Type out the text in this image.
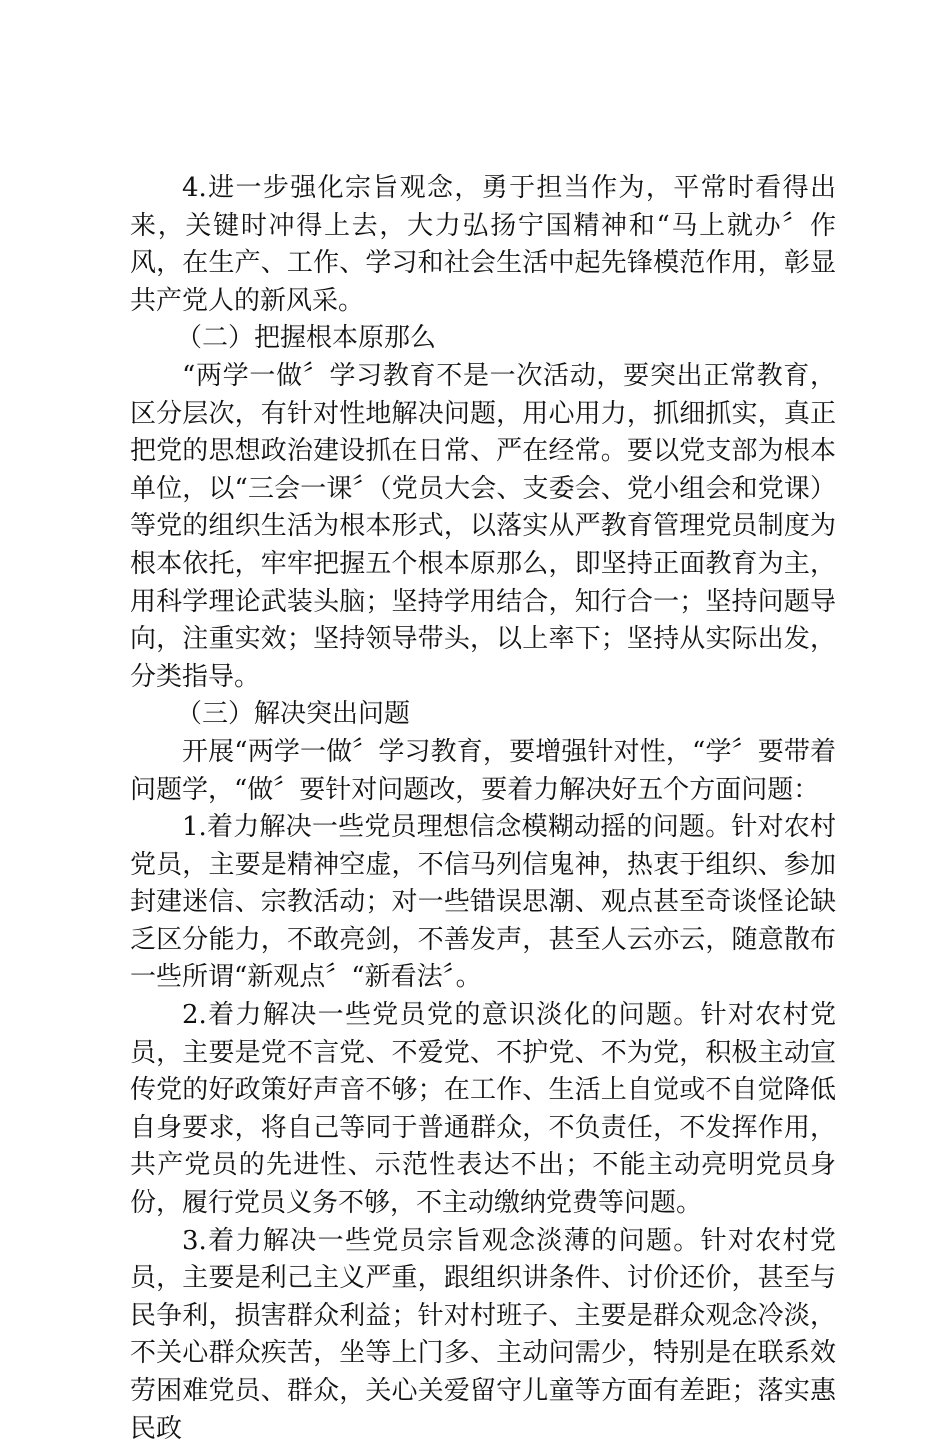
4.进一步强化宗旨观念，勇于担当作为，平常时看得出来，关键时冲得上去，大力弘扬宁国精神和“马上就办〞作风，在生产、工作、学习和社会生活中起先锋模范作用，彰显共产党人的新风采。

（二）把握根本原那么

“两学一做〞学习教育不是一次活动，要突出正常教育，区分层次，有针对性地解决问题，用心用力，抓细抓实，真正把党的思想政治建设抓在日常、严在经常。要以党支部为根本单位，以“三会一课〞（党员大会、支委会、党小组会和党课）等党的组织生活为根本形式，以落实从严教育管理党员制度为根本依托，牢牢把握五个根本原那么，即坚持正面教育为主，用科学理论武装头脑；坚持学用结合，知行合一；坚持问题导向，注重实效；坚持领导带头，以上率下；坚持从实际出发，分类指导。

（三）解决突出问题

开展“两学一做〞学习教育，要增强针对性，“学〞要带着问题学，“做〞要针对问题改，要着力解决好五个方面问题：

1.着力解决一些党员理想信念模糊动摇的问题。针对农村党员，主要是精神空虚，不信马列信鬼神，热衷于组织、参加封建迷信、宗教活动；对一些错误思潮、观点甚至奇谈怪论缺乏区分能力，不敢亮剑，不善发声，甚至人云亦云，随意散布一些所谓“新观点〞“新看法〞。

2.着力解决一些党员党的意识淡化的问题。针对农村党员，主要是党不言党、不爱党、不护党、不为党，积极主动宣传党的好政策好声音不够；在工作、生活上自觉或不自觉降低自身要求，将自己等同于普通群众，不负责任，不发挥作用，共产党员的先进性、示范性表达不出；不能主动亮明党员身份，履行党员义务不够，不主动缴纳党费等问题。

3.着力解决一些党员宗旨观念淡薄的问题。针对农村党员，主要是利己主义严重，跟组织讲条件、讨价还价，甚至与民争利，损害群众利益；针对村班子、主要是群众观念冷淡，不关心群众疾苦，坐等上门多、主动问需少，特别是在联系效劳困难党员、群众，关心关爱留守儿童等方面有差距；落实惠民政
